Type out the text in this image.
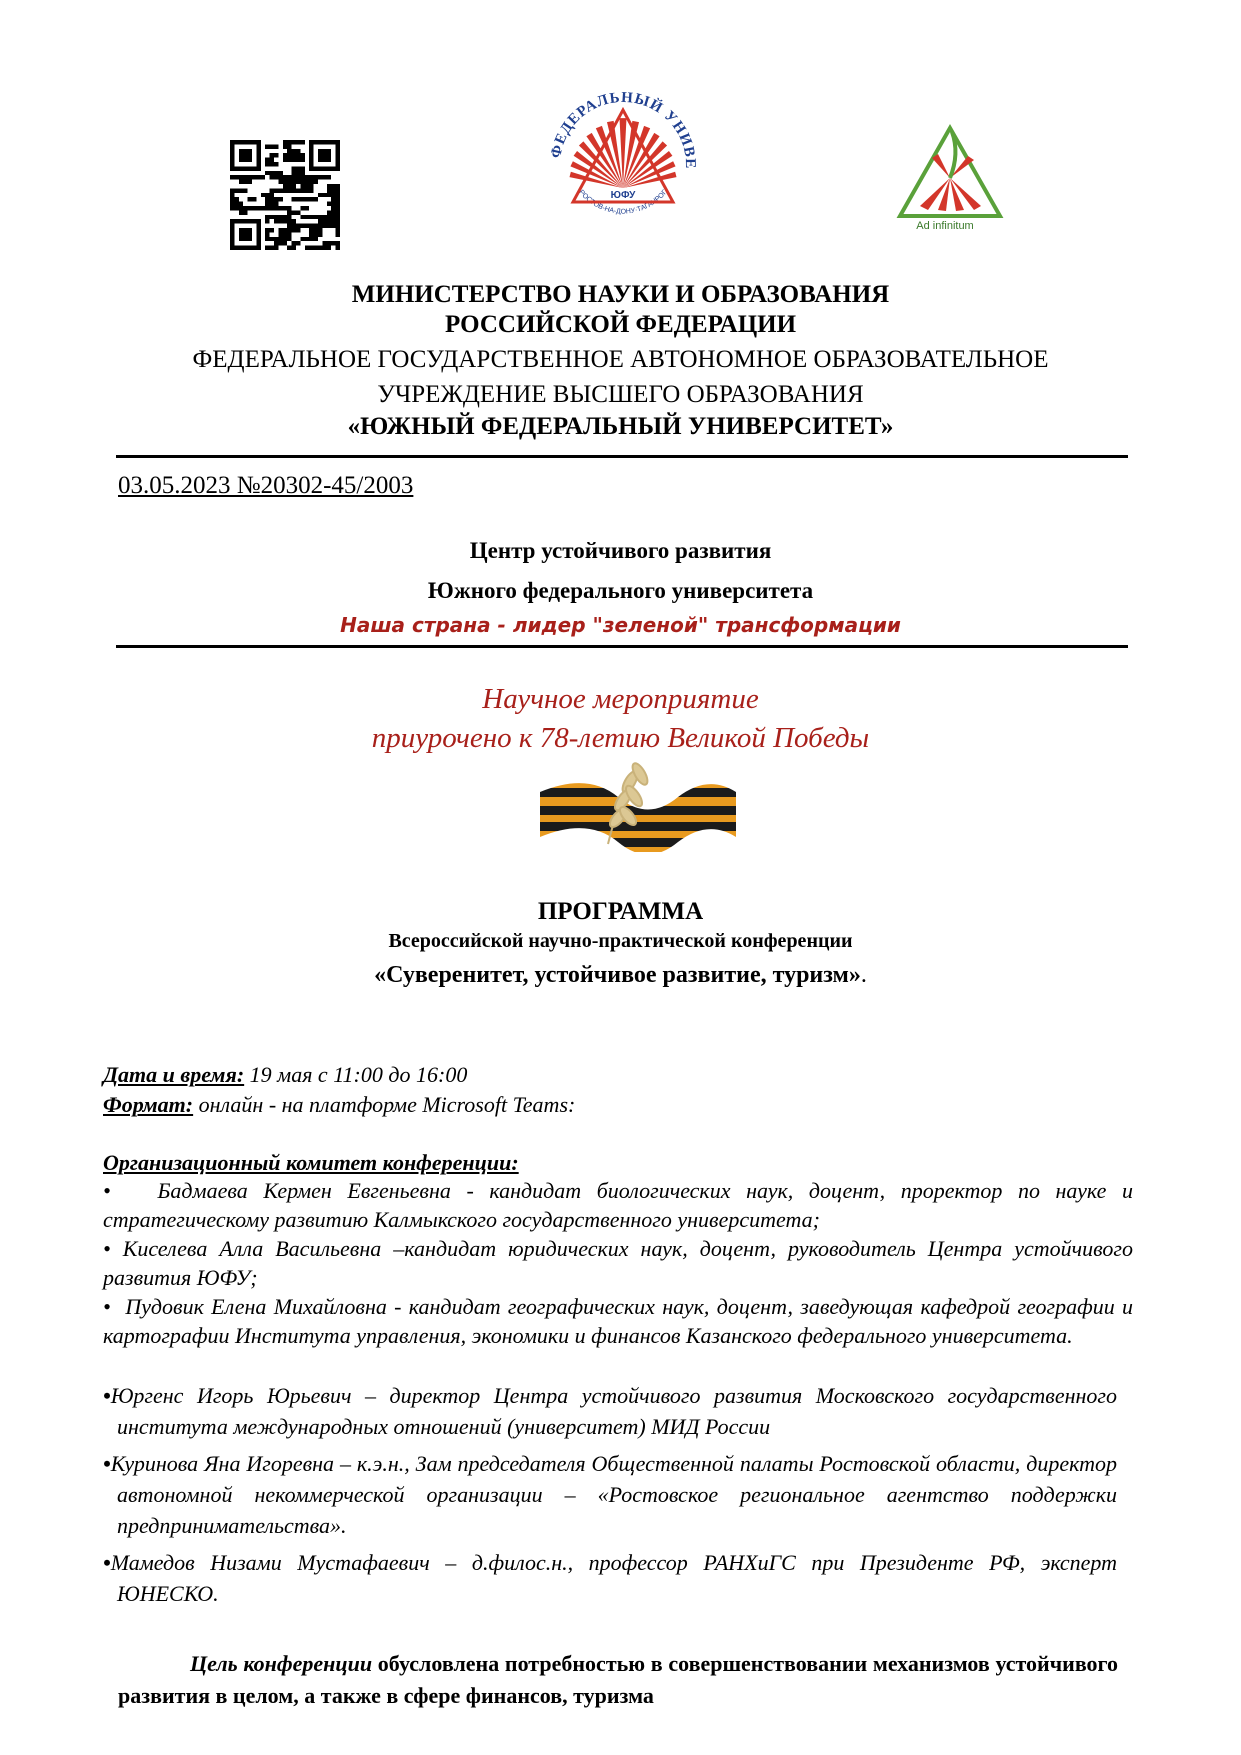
ФЕДЕРАЛЬНЫЙ УНИВЕ
РОСТОВ-НА-ДОНУ·ТАГАНРОГ
ЮФУ
Ad infinitum
МИНИСТЕРСТВО НАУКИ И ОБРАЗОВАНИЯ
РОССИЙСКОЙ ФЕДЕРАЦИИ
ФЕДЕРАЛЬНОЕ ГОСУДАРСТВЕННОЕ АВТОНОМНОЕ ОБРАЗОВАТЕЛЬНОЕ
УЧРЕЖДЕНИЕ ВЫСШЕГО ОБРАЗОВАНИЯ
«ЮЖНЫЙ ФЕДЕРАЛЬНЫЙ УНИВЕРСИТЕТ»
03.05.2023 №20302-45/2003
Центр устойчивого развития
Южного федерального университета
Наша страна - лидер "зеленой" трансформации
Научное мероприятие
приурочено к 78-летию Великой Победы
ПРОГРАММА
Всероссийской научно-практической конференции
«Суверенитет, устойчивое развитие, туризм».
Дата и время: 19 мая с 11:00 до 16:00
Формат: онлайн - на платформе Microsoft Teams:
Организационный комитет конференции:

• Бадмаева Кермен Евгеньевна - кандидат биологических наук, доцент, проректор по науке и стратегическому развитию Калмыкского государственного университета;

• Киселева Алла Васильевна –кандидат юридических наук, доцент, руководитель Центра устойчивого развития ЮФУ;

• Пудовик Елена Михайловна - кандидат географических наук, доцент, заведующая кафедрой географии и картографии Института управления, экономики и финансов Казанского федерального университета.

•Юргенс Игорь Юрьевич – директор Центра устойчивого развития Московского государственного института международных отношений (университет) МИД России

•Куринова Яна Игоревна – к.э.н., Зам председателя Общественной палаты Ростовской области, директор автономной некоммерческой организации – «Ростовское региональное агентство поддержки предпринимательства».

•Мамедов Низами Мустафаевич – д.филос.н., профессор РАНХиГС при Президенте РФ, эксперт ЮНЕСКО.

Цель конференции обусловлена потребностью в совершенствовании механизмов устойчивого развития в целом, а также в сфере финансов, туризма
